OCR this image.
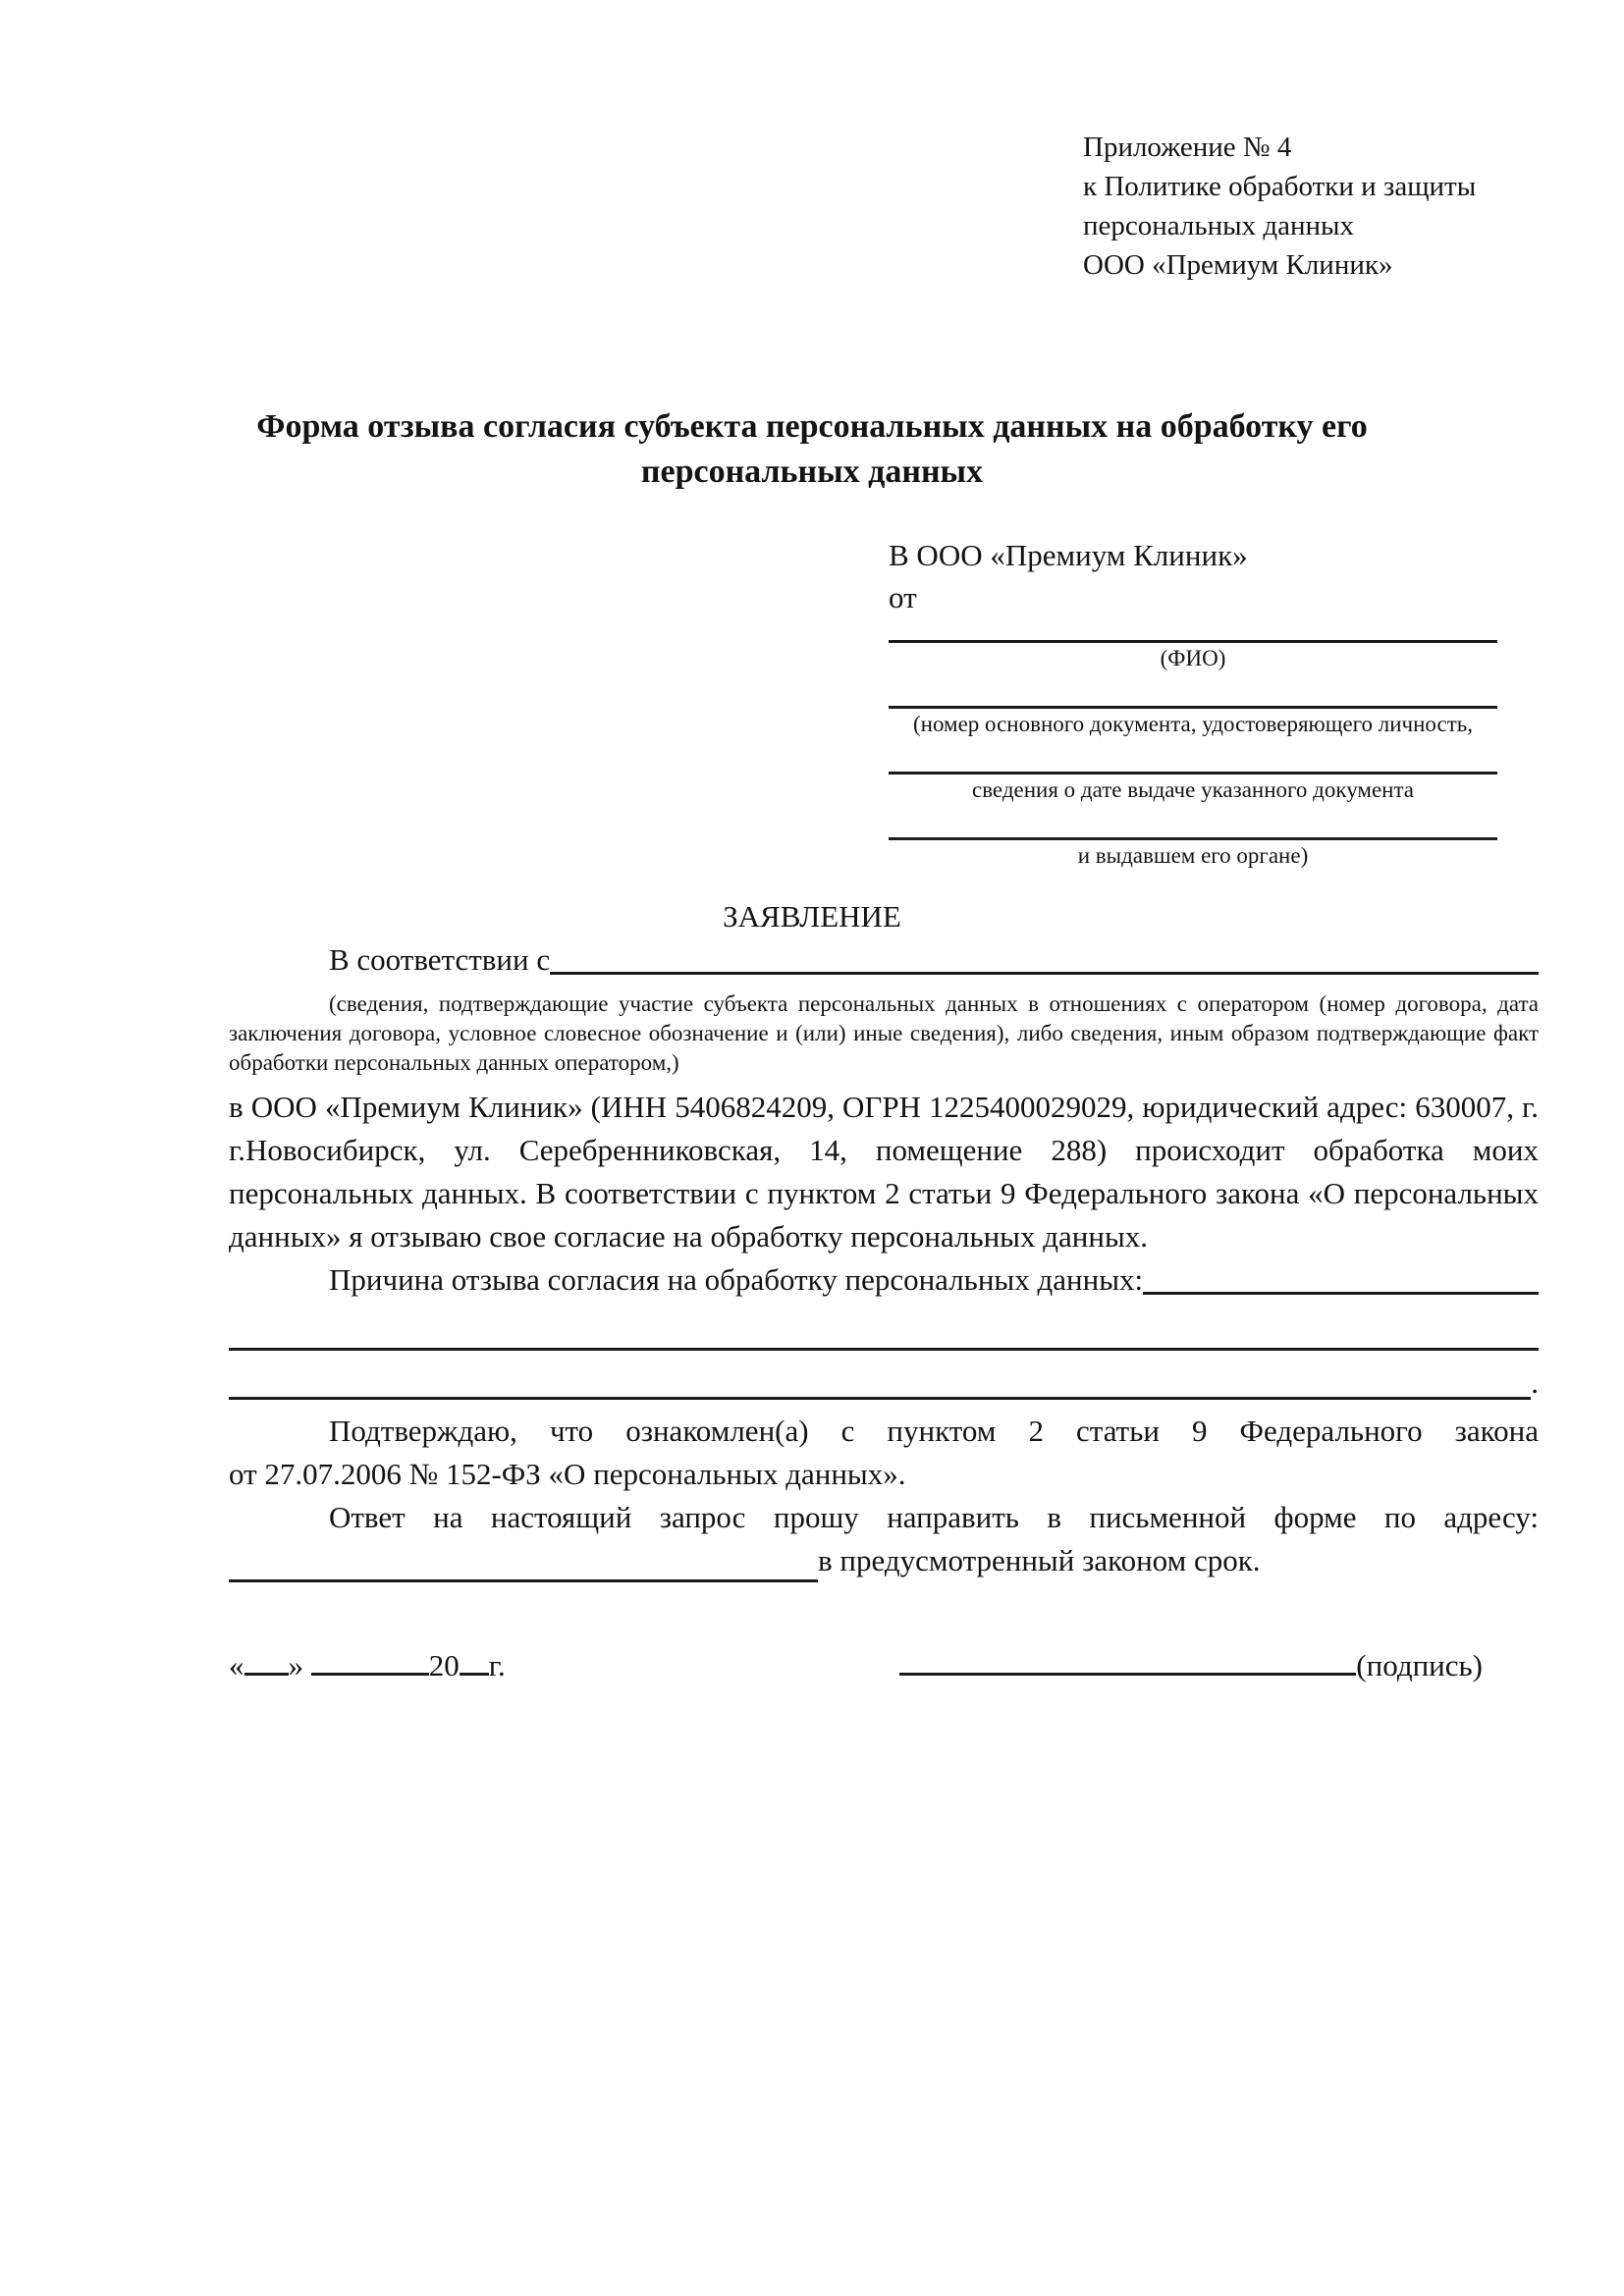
Приложение № 4
к Политике обработки и защиты
персональных данных
ООО «Премиум Клиник»
Форма отзыва согласия субъекта персональных данных на обработку его персональных данных
В ООО «Премиум Клиник»
от
(ФИО)
(номер основного документа, удостоверяющего личность,
сведения о дате выдаче указанного документа
и выдавшем его органе)
ЗАЯВЛЕНИЕ
В соответствии с
(сведения, подтверждающие участие субъекта персональных данных в отношениях с оператором (номер договора, дата заключения договора, условное словесное обозначение и (или) иные сведения), либо сведения, иным образом подтверждающие факт обработки персональных данных оператором,)
в ООО «Премиум Клиник» (ИНН 5406824209, ОГРН 1225400029029, юридический адрес: 630007, г. г.Новосибирск, ул. Серебренниковская, 14, помещение 288) происходит обработка моих персональных данных. В соответствии с пунктом 2 статьи 9 Федерального закона «О персональных данных» я отзываю свое согласие на обработку персональных данных.
Причина отзыва согласия на обработку персональных данных:
.
Подтверждаю, что ознакомлен(а) с пунктом 2 статьи 9 Федерального закона
от 27.07.2006 № 152-ФЗ «О персональных данных».
Ответ на настоящий запрос прошу направить в письменной форме по адресу:
в предусмотренный законом срок.
« »	20 г.	(подпись)
